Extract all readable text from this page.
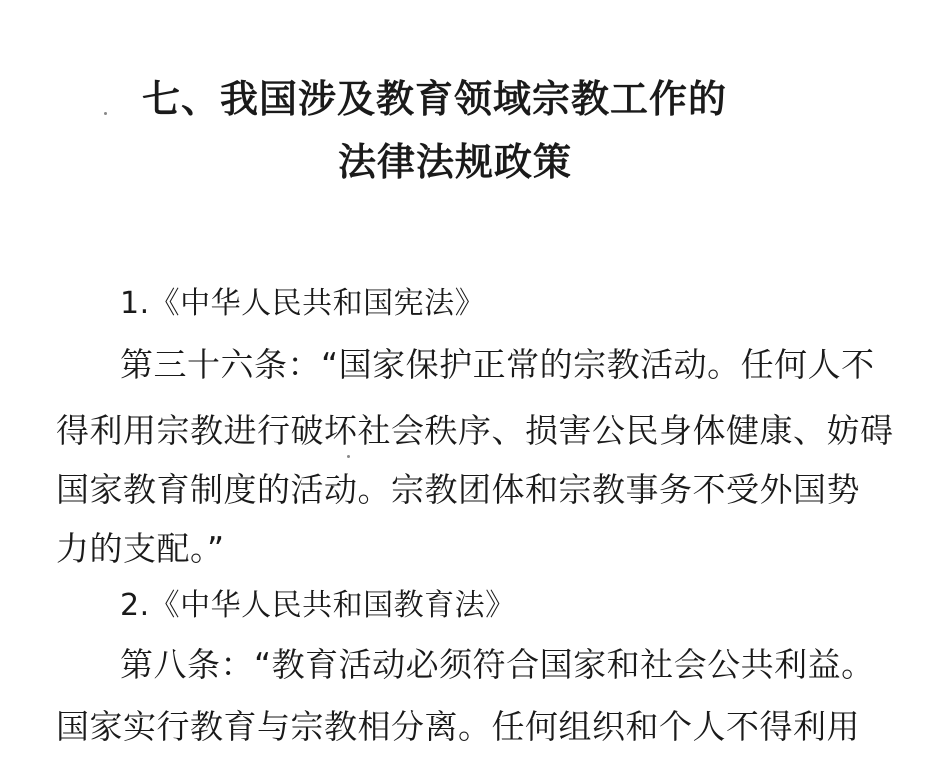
七、我国涉及教育领域宗教工作的
法律法规政策
1.《中华人民共和国宪法》
第三十六条：“国家保护正常的宗教活动。任何人不
得利用宗教进行破坏社会秩序、损害公民身体健康、妨碍
国家教育制度的活动。宗教团体和宗教事务不受外国势
力的支配。”
2.《中华人民共和国教育法》
第八条：“教育活动必须符合国家和社会公共利益。
国家实行教育与宗教相分离。任何组织和个人不得利用
